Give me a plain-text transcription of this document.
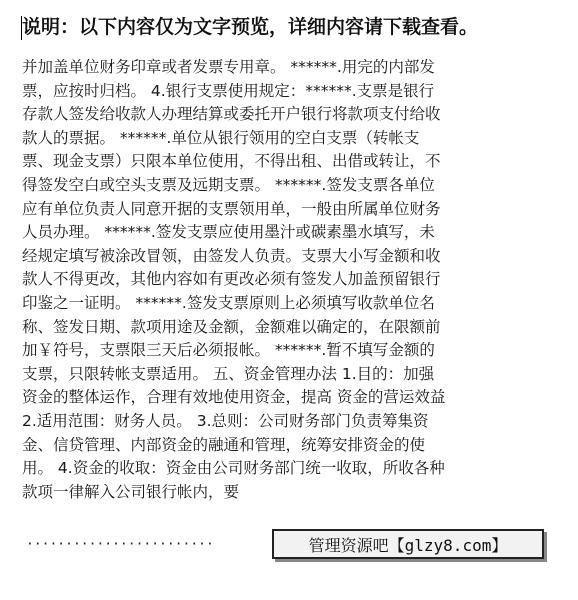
说明：以下内容仅为文字预览，详细内容请下载查看。
并加盖单位财务印章或者发票专用章。 ******.用完的内部发
票，应按时归档。 4.银行支票使用规定：******.支票是银行
存款人签发给收款人办理结算或委托开户银行将款项支付给收
款人的票据。 ******.单位从银行领用的空白支票（转帐支
票、现金支票）只限本单位使用，不得出租、出借或转让，不
得签发空白或空头支票及远期支票。 ******.签发支票各单位
应有单位负责人同意开据的支票领用单，一般由所属单位财务
人员办理。 ******.签发支票应使用墨汁或碳素墨水填写，未
经规定填写被涂改冒领，由签发人负责。支票大小写金额和收
款人不得更改，其他内容如有更改必须有签发人加盖预留银行
印鉴之一证明。 ******.签发支票原则上必须填写收款单位名
称、签发日期、款项用途及金额，金额难以确定的，在限额前
加￥符号，支票限三天后必须报帐。 ******.暂不填写金额的
支票，只限转帐支票适用。 五、资金管理办法 1.目的：加强
资金的整体运作，合理有效地使用资金，提高 资金的营运效益
2.适用范围：财务人员。 3.总则：公司财务部门负责筹集资
金、信贷管理、内部资金的融通和管理，统筹安排资金的使
用。 4.资金的收取：资金由公司财务部门统一收取，所收各种
款项一律解入公司银行帐内，要
························	管理资源吧【glzy8.com】
